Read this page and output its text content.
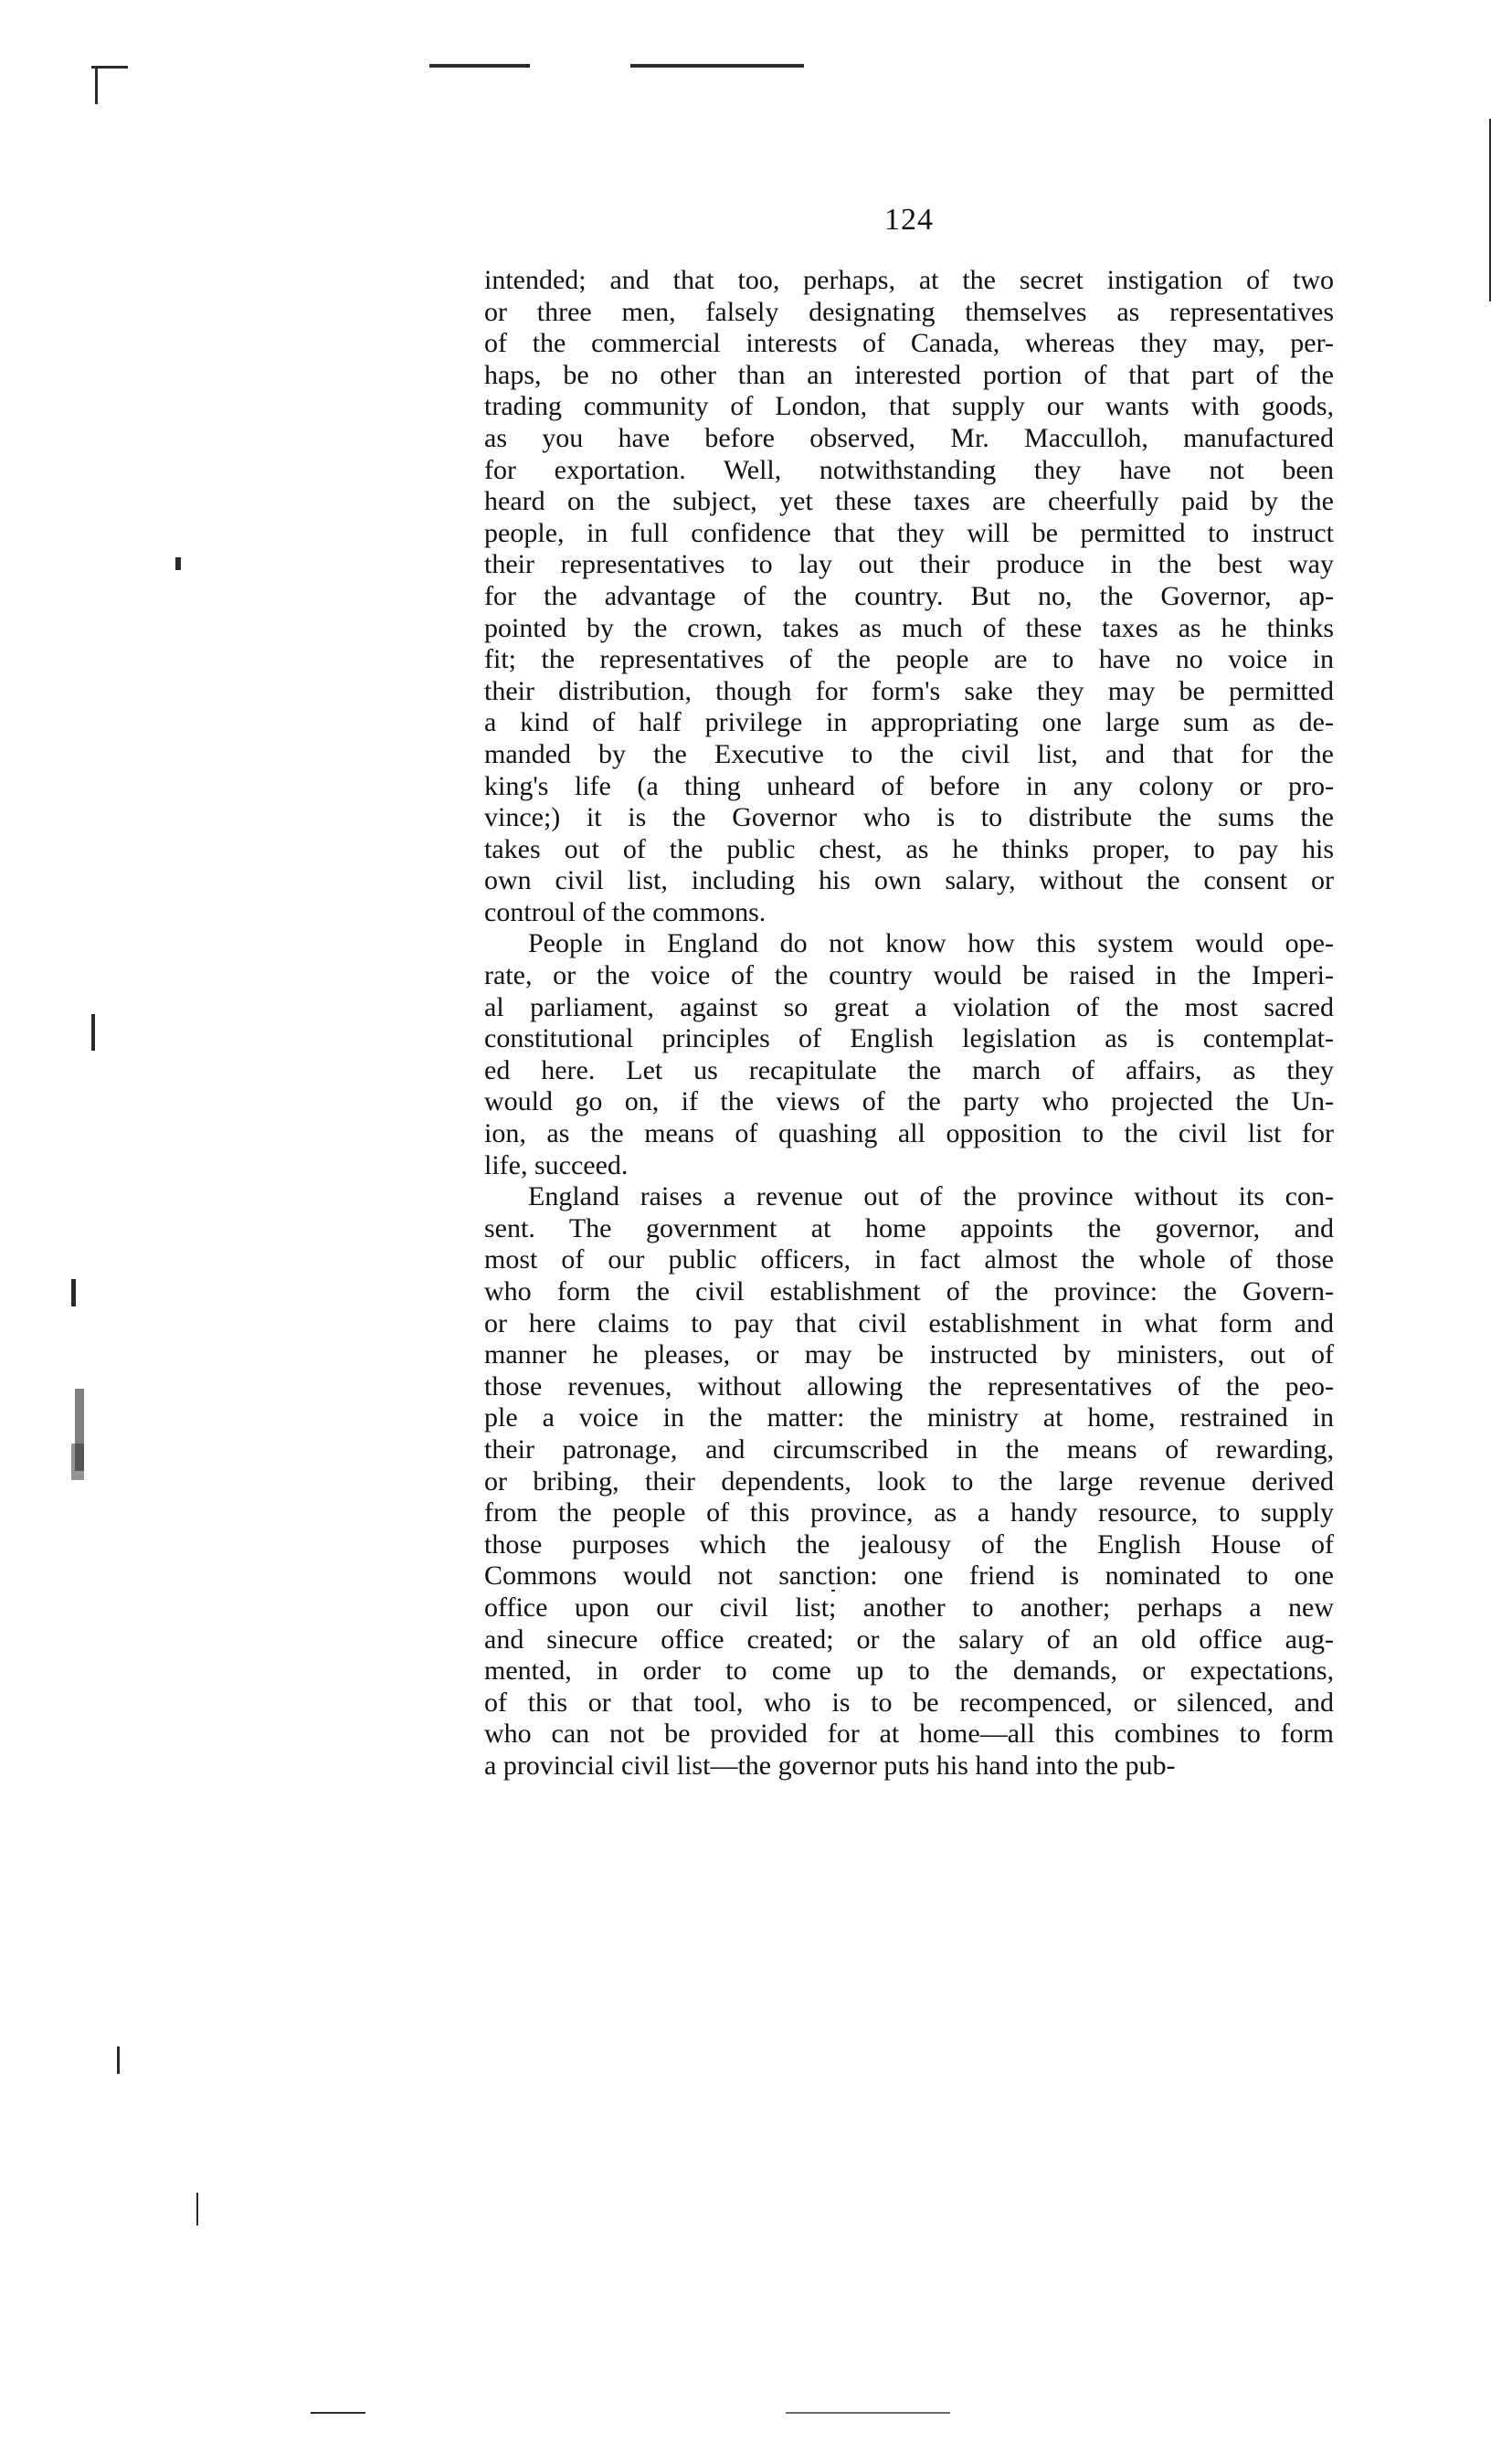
124
intended; and that too, perhaps, at the secret instigation of two
or three men, falsely designating themselves as representatives
of the commercial interests of Canada, whereas they may, per-
haps, be no other than an interested portion of that part of the
trading community of London, that supply our wants with goods,
as you have before observed, Mr. Macculloh, manufactured
for exportation. Well, notwithstanding they have not been
heard on the subject, yet these taxes are cheerfully paid by the
people, in full confidence that they will be permitted to instruct
their representatives to lay out their produce in the best way
for the advantage of the country. But no, the Governor, ap-
pointed by the crown, takes as much of these taxes as he thinks
fit; the representatives of the people are to have no voice in
their distribution, though for form's sake they may be permitted
a kind of half privilege in appropriating one large sum as de-
manded by the Executive to the civil list, and that for the
king's life (a thing unheard of before in any colony or pro-
vince;) it is the Governor who is to distribute the sums the
takes out of the public chest, as he thinks proper, to pay his
own civil list, including his own salary, without the consent or
controul of the commons.
People in England do not know how this system would ope-
rate, or the voice of the country would be raised in the Imperi-
al parliament, against so great a violation of the most sacred
constitutional principles of English legislation as is contemplat-
ed here. Let us recapitulate the march of affairs, as they
would go on, if the views of the party who projected the Un-
ion, as the means of quashing all opposition to the civil list for
life, succeed.
England raises a revenue out of the province without its con-
sent. The government at home appoints the governor, and
most of our public officers, in fact almost the whole of those
who form the civil establishment of the province: the Govern-
or here claims to pay that civil establishment in what form and
manner he pleases, or may be instructed by ministers, out of
those revenues, without allowing the representatives of the peo-
ple a voice in the matter: the ministry at home, restrained in
their patronage, and circumscribed in the means of rewarding,
or bribing, their dependents, look to the large revenue derived
from the people of this province, as a handy resource, to supply
those purposes which the jealousy of the English House of
Commons would not sanction: one friend is nominated to one
office upon our civil list; another to another; perhaps a new
and sinecure office created; or the salary of an old office aug-
mented, in order to come up to the demands, or expectations,
of this or that tool, who is to be recompenced, or silenced, and
who can not be provided for at home—all this combines to form
a provincial civil list—the governor puts his hand into the pub-
